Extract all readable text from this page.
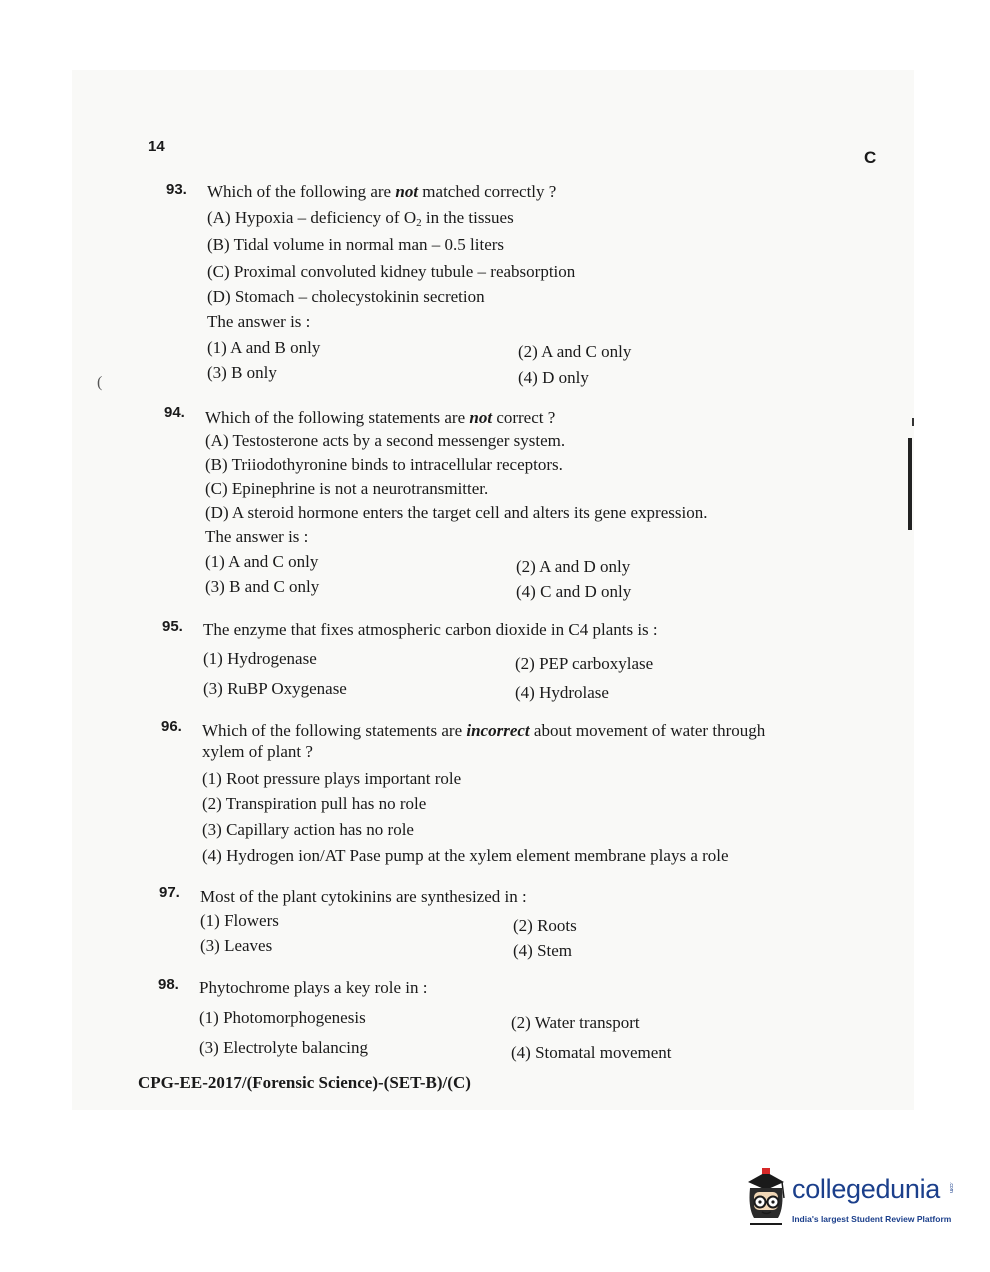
(
14
C
93. Which of the following are not matched correctly ?
(A) Hypoxia – deficiency of $O_2$ in the tissues
(B) Tidal volume in normal man – 0.5 liters
(C) Proximal convoluted kidney tubule – reabsorption
(D) Stomach – cholecystokinin secretion
The answer is :
(1) A and B only	(2) A and C only
(3) B only	(4) D only
94. Which of the following statements are not correct ?
(A) Testosterone acts by a second messenger system.
(B) Triiodothyronine binds to intracellular receptors.
(C) Epinephrine is not a neurotransmitter.
(D) A steroid hormone enters the target cell and alters its gene expression.
The answer is :
(1) A and C only	(2) A and D only
(3) B and C only	(4) C and D only
95. The enzyme that fixes atmospheric carbon dioxide in C4 plants is :
(1) Hydrogenase	(2) PEP carboxylase
(3) RuBP Oxygenase	(4) Hydrolase
96. Which of the following statements are incorrect about movement of water through
xylem of plant ?
(1) Root pressure plays important role
(2) Transpiration pull has no role
(3) Capillary action has no role
(4) Hydrogen ion/AT Pase pump at the xylem element membrane plays a role
97. Most of the plant cytokinins are synthesized in :
(1) Flowers	(2) Roots
(3) Leaves	(4) Stem
98. Phytochrome plays a key role in :
(1) Photomorphogenesis	(2) Water transport
(3) Electrolyte balancing	(4) Stomatal movement
CPG-EE-2017/(Forensic Science)-(SET-B)/(C)
collegedunia .com
India's largest Student Review Platform
